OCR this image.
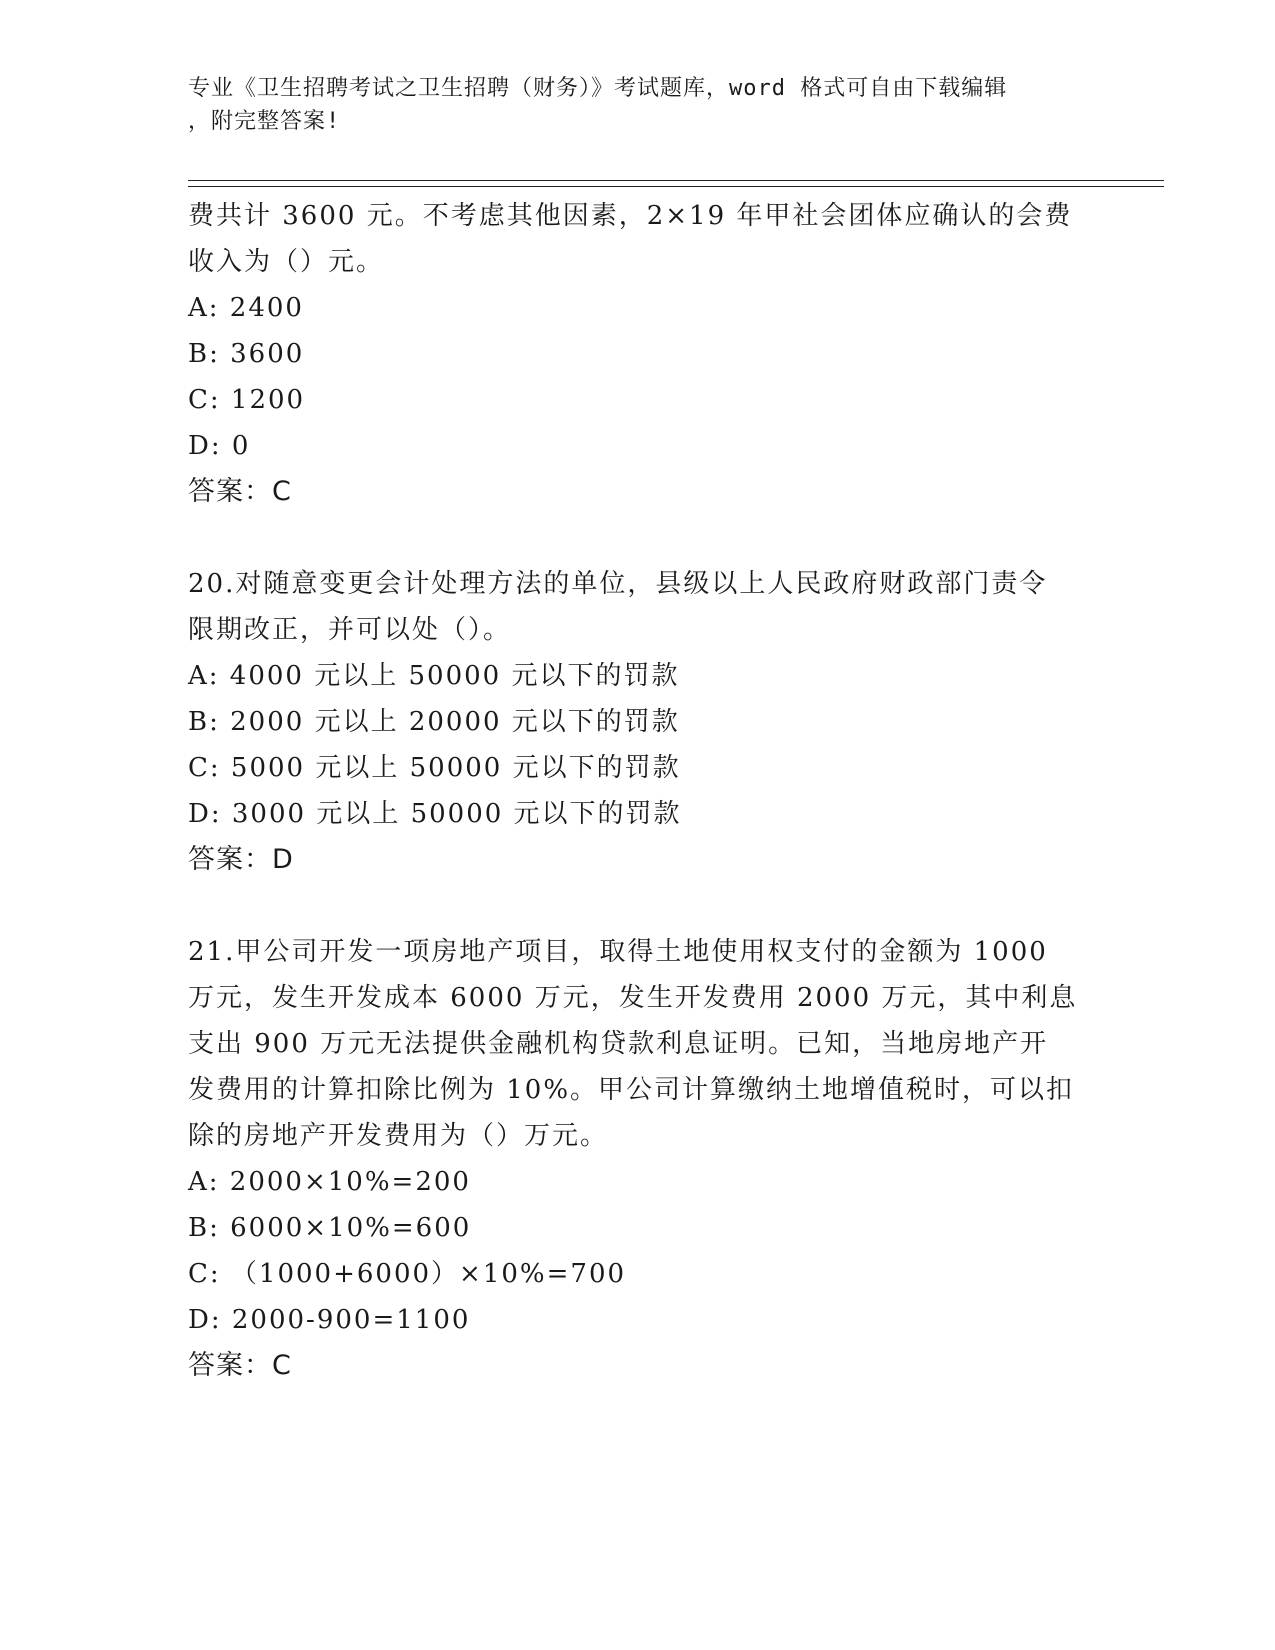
专业《卫生招聘考试之卫生招聘（财务）》考试题库，word 格式可自由下载编辑
，附完整答案!
费共计 3600 元。不考虑其他因素，2×19 年甲社会团体应确认的会费
收入为（）元。
A: 2400
B: 3600
C: 1200
D: 0
答案：C
20.对随意变更会计处理方法的单位，县级以上人民政府财政部门责令
限期改正，并可以处（）。
A: 4000 元以上 50000 元以下的罚款
B: 2000 元以上 20000 元以下的罚款
C: 5000 元以上 50000 元以下的罚款
D: 3000 元以上 50000 元以下的罚款
答案：D
21.甲公司开发一项房地产项目，取得土地使用权支付的金额为 1000
万元，发生开发成本 6000 万元，发生开发费用 2000 万元，其中利息
支出 900 万元无法提供金融机构贷款利息证明。已知，当地房地产开
发费用的计算扣除比例为 10%。甲公司计算缴纳土地增值税时，可以扣
除的房地产开发费用为（）万元。
A: 2000×10%=200
B: 6000×10%=600
C: （1000+6000）×10%=700
D: 2000-900=1100
答案：C
